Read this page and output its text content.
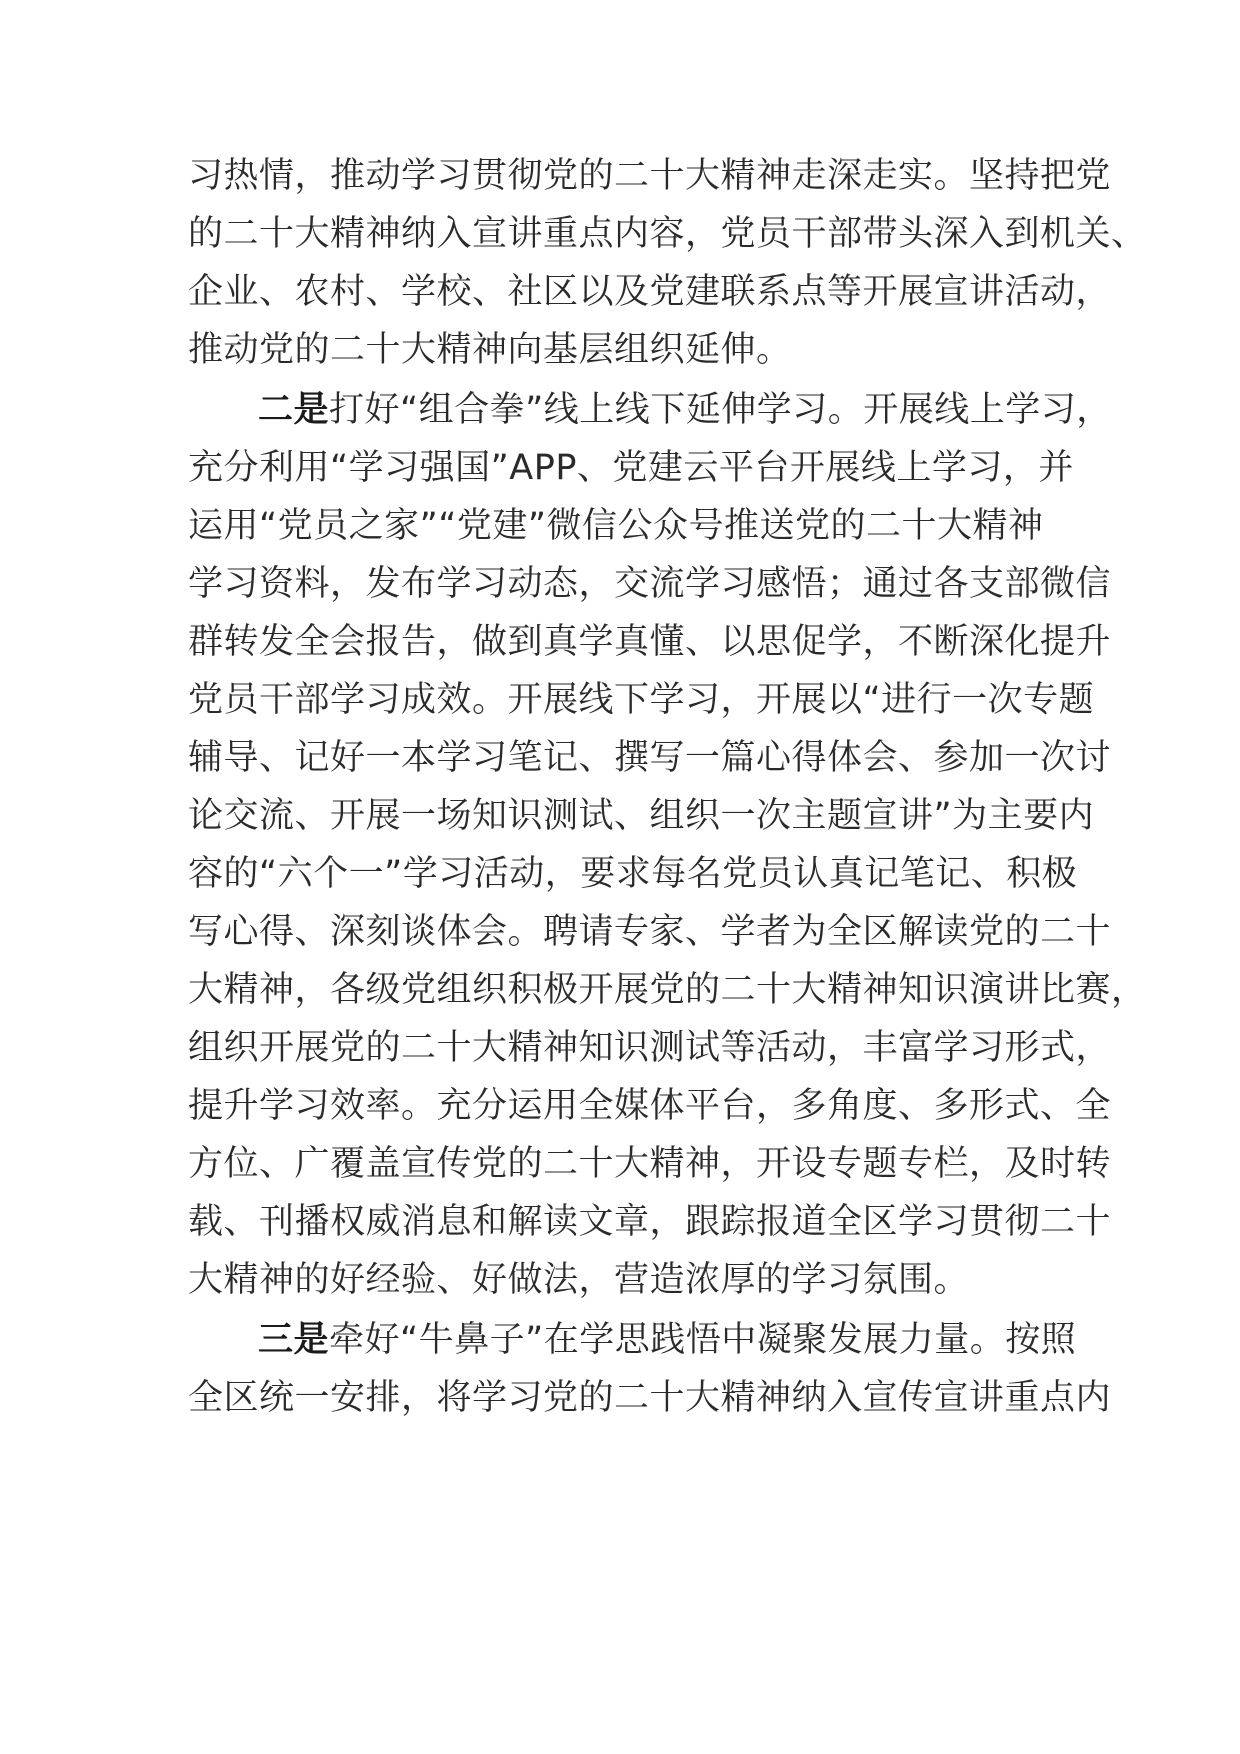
习热情，推动学习贯彻党的二十大精神走深走实。坚持把党
的二十大精神纳入宣讲重点内容，党员干部带头深入到机关、
企业、农村、学校、社区以及党建联系点等开展宣讲活动，
推动党的二十大精神向基层组织延伸。
二是打好“组合拳”线上线下延伸学习。开展线上学习，
充分利用“学习强国”APP、党建云平台开展线上学习，并
运用“党员之家”“党建”微信公众号推送党的二十大精神
学习资料，发布学习动态，交流学习感悟；通过各支部微信
群转发全会报告，做到真学真懂、以思促学，不断深化提升
党员干部学习成效。开展线下学习，开展以“进行一次专题
辅导、记好一本学习笔记、撰写一篇心得体会、参加一次讨
论交流、开展一场知识测试、组织一次主题宣讲”为主要内
容的“六个一”学习活动，要求每名党员认真记笔记、积极
写心得、深刻谈体会。聘请专家、学者为全区解读党的二十
大精神，各级党组织积极开展党的二十大精神知识演讲比赛，
组织开展党的二十大精神知识测试等活动，丰富学习形式，
提升学习效率。充分运用全媒体平台，多角度、多形式、全
方位、广覆盖宣传党的二十大精神，开设专题专栏，及时转
载、刊播权威消息和解读文章，跟踪报道全区学习贯彻二十
大精神的好经验、好做法，营造浓厚的学习氛围。
三是牵好“牛鼻子”在学思践悟中凝聚发展力量。按照
全区统一安排，将学习党的二十大精神纳入宣传宣讲重点内
